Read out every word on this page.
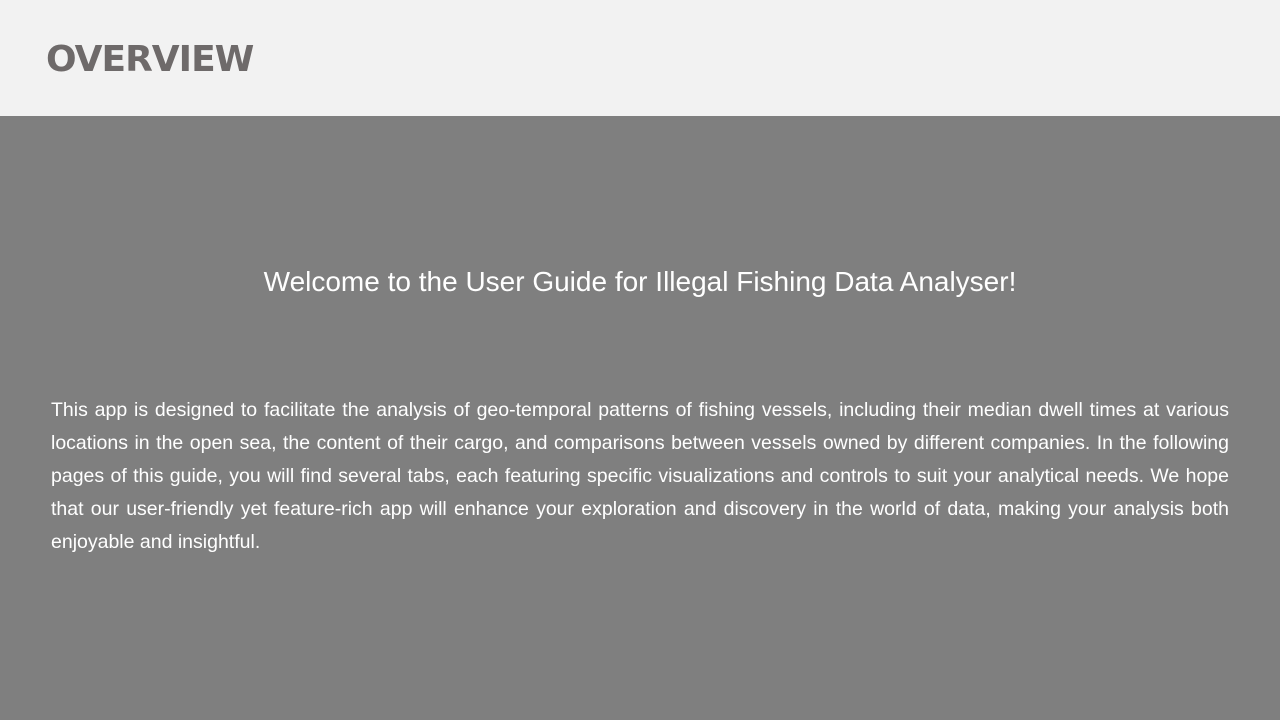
OVERVIEW
Welcome to the User Guide for Illegal Fishing Data Analyser!

This app is designed to facilitate the analysis of geo-temporal patterns of fishing vessels, including their median dwell times at various locations in the open sea, the content of their cargo, and comparisons between vessels owned by different companies. In the following pages of this guide, you will find several tabs, each featuring specific visualizations and controls to suit your analytical needs. We hope that our user-friendly yet feature-rich app will enhance your exploration and discovery in the world of data, making your analysis both enjoyable and insightful.
